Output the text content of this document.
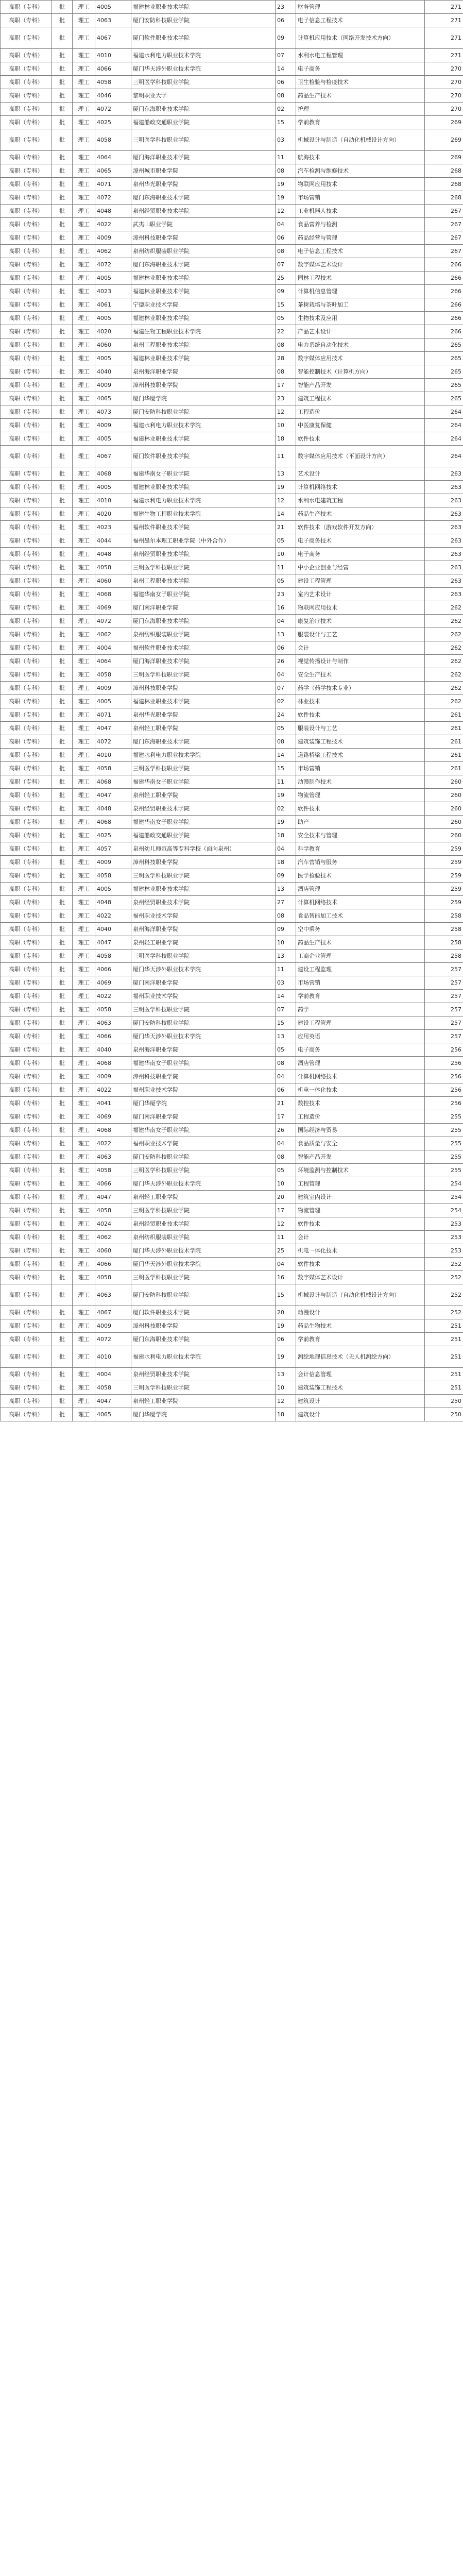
高职（专科）	批	理工	4005	福建林业职业技术学院	23	财务管理	271
高职（专科）	批	理工	4063	厦门安防科技职业学院	06	电子信息工程技术	271
高职（专科）	批	理工	4067	厦门软件职业技术学院	09	计算机应用技术（网络开发技术方向）	271
高职（专科）	批	理工	4010	福建水利电力职业技术学院	07	水利水电工程管理	271
高职（专科）	批	理工	4066	厦门华天涉外职业技术学院	14	电子商务	270
高职（专科）	批	理工	4058	三明医学科技职业学院	06	卫生检验与检疫技术	270
高职（专科）	批	理工	4046	黎明职业大学	08	药品生产技术	270
高职（专科）	批	理工	4072	厦门东海职业技术学院	02	护理	270
高职（专科）	批	理工	4025	福建船政交通职业学院	15	学前教育	269
高职（专科）	批	理工	4058	三明医学科技职业学院	03	机械设计与制造（自动化机械设计方向）	269
高职（专科）	批	理工	4064	厦门海洋职业技术学院	11	航海技术	269
高职（专科）	批	理工	4065	漳州城市职业学院	08	汽车检测与维修技术	268
高职（专科）	批	理工	4071	泉州华光职业学院	19	物联网应用技术	268
高职（专科）	批	理工	4072	厦门东海职业技术学院	19	市场营销	268
高职（专科）	批	理工	4048	泉州经贸职业技术学院	12	工业机器人技术	267
高职（专科）	批	理工	4022	武夷山职业学院	04	食品营养与检测	267
高职（专科）	批	理工	4009	漳州科技职业学院	06	药品经营与管理	267
高职（专科）	批	理工	4062	泉州纺织服装职业学院	08	电子信息工程技术	267
高职（专科）	批	理工	4072	厦门东海职业技术学院	07	数字媒体艺术设计	266
高职（专科）	批	理工	4005	福建林业职业技术学院	25	园林工程技术	266
高职（专科）	批	理工	4023	福建林业职业技术学院	09	计算机信息管理	266
高职（专科）	批	理工	4061	宁德职业技术学院	15	茶树栽培与茶叶加工	266
高职（专科）	批	理工	4005	福建林业职业技术学院	05	生物技术及应用	266
高职（专科）	批	理工	4020	福建生物工程职业技术学院	22	产品艺术设计	266
高职（专科）	批	理工	4060	泉州工程职业技术学院	08	电力系统自动化技术	265
高职（专科）	批	理工	4005	福建林业职业技术学院	28	数字媒体应用技术	265
高职（专科）	批	理工	4040	泉州海洋职业学院	08	智能控制技术（计算机方向）	265
高职（专科）	批	理工	4009	漳州科技职业学院	17	智能产品开发	265
高职（专科）	批	理工	4065	厦门华厦学院	23	建筑工程技术	265
高职（专科）	批	理工	4073	厦门安防科技职业学院	12	工程造价	264
高职（专科）	批	理工	4009	福建水利电力职业技术学院	10	中医康复保健	264
高职（专科）	批	理工	4005	福建林业职业技术学院	18	软件技术	264
高职（专科）	批	理工	4067	厦门软件职业技术学院	11	数字媒体应用技术（平面设计方向）	264
高职（专科）	批	理工	4068	福建华南女子职业学院	13	艺术设计	263
高职（专科）	批	理工	4005	福建林业职业技术学院	19	计算机网络技术	263
高职（专科）	批	理工	4010	福建水利电力职业技术学院	12	水利水电建筑工程	263
高职（专科）	批	理工	4020	福建生物工程职业技术学院	14	药品生产技术	263
高职（专科）	批	理工	4023	福州软件职业技术学院	21	软件技术（游戏软件开发方向）	263
高职（专科）	批	理工	4044	福州墨尔本理工职业学院（中外合作）	05	电子商务技术	263
高职（专科）	批	理工	4048	泉州经贸职业技术学院	10	电子商务	263
高职（专科）	批	理工	4058	三明医学科技职业学院	11	中小企业创业与经营	263
高职（专科）	批	理工	4060	泉州工程职业技术学院	05	建设工程管理	263
高职（专科）	批	理工	4068	福建华南女子职业学院	23	室内艺术设计	263
高职（专科）	批	理工	4069	厦门南洋职业学院	16	物联网应用技术	262
高职（专科）	批	理工	4072	厦门东海职业技术学院	04	康复治疗技术	262
高职（专科）	批	理工	4062	泉州纺织服装职业学院	13	服装设计与工艺	262
高职（专科）	批	理工	4004	福州软件职业技术学院	06	会计	262
高职（专科）	批	理工	4064	厦门海洋职业技术学院	26	视觉传播设计与制作	262
高职（专科）	批	理工	4058	三明医学科技职业学院	04	安全生产技术	262
高职（专科）	批	理工	4009	漳州科技职业学院	07	药学（药学技术专业）	262
高职（专科）	批	理工	4005	福建林业职业技术学院	02	林业技术	262
高职（专科）	批	理工	4071	泉州华光职业学院	24	软件技术	261
高职（专科）	批	理工	4047	泉州轻工职业学院	05	服装设计与工艺	261
高职（专科）	批	理工	4072	厦门东海职业技术学院	08	建筑装饰工程技术	261
高职（专科）	批	理工	4010	福建水利电力职业技术学院	14	道路桥梁工程技术	261
高职（专科）	批	理工	4058	三明医学科技职业学院	15	市场营销	261
高职（专科）	批	理工	4068	福建华南女子职业学院	11	动漫制作技术	260
高职（专科）	批	理工	4047	泉州轻工职业学院	19	物流管理	260
高职（专科）	批	理工	4048	泉州经贸职业技术学院	02	软件技术	260
高职（专科）	批	理工	4068	福建华南女子职业学院	19	助产	260
高职（专科）	批	理工	4025	福建船政交通职业学院	18	安全技术与管理	260
高职（专科）	批	理工	4057	泉州幼儿师范高等专科学校（面向泉州）	04	科学教育	259
高职（专科）	批	理工	4009	漳州科技职业学院	18	汽车营销与服务	259
高职（专科）	批	理工	4058	三明医学科技职业学院	09	医学检验技术	259
高职（专科）	批	理工	4005	福建林业职业技术学院	13	酒店管理	259
高职（专科）	批	理工	4048	泉州经贸职业技术学院	27	计算机网络技术	259
高职（专科）	批	理工	4022	福州职业技术学院	08	食品智能加工技术	258
高职（专科）	批	理工	4040	泉州海洋职业学院	09	空中乘务	258
高职（专科）	批	理工	4047	泉州轻工职业学院	10	药品生产技术	258
高职（专科）	批	理工	4058	三明医学科技职业学院	13	工商企业管理	258
高职（专科）	批	理工	4066	厦门华天涉外职业技术学院	11	建设工程监理	257
高职（专科）	批	理工	4069	厦门南洋职业学院	03	市场营销	257
高职（专科）	批	理工	4022	福州职业技术学院	14	学前教育	257
高职（专科）	批	理工	4058	三明医学科技职业学院	07	药学	257
高职（专科）	批	理工	4063	厦门安防科技职业学院	15	建设工程管理	257
高职（专科）	批	理工	4066	厦门华天涉外职业技术学院	13	应用英语	257
高职（专科）	批	理工	4040	泉州海洋职业学院	05	电子商务	256
高职（专科）	批	理工	4068	福建华南女子职业学院	08	酒店管理	256
高职（专科）	批	理工	4009	漳州科技职业学院	04	计算机网络技术	256
高职（专科）	批	理工	4022	福州职业技术学院	06	机电一体化技术	256
高职（专科）	批	理工	4041	厦门华厦学院	21	数控技术	256
高职（专科）	批	理工	4069	厦门南洋职业学院	17	工程造价	255
高职（专科）	批	理工	4068	福建华南女子职业学院	26	国际经济与贸易	255
高职（专科）	批	理工	4022	福州职业技术学院	04	食品质量与安全	255
高职（专科）	批	理工	4063	厦门安防科技职业学院	08	智能产品开发	255
高职（专科）	批	理工	4058	三明医学科技职业学院	05	环境监测与控制技术	255
高职（专科）	批	理工	4066	厦门华天涉外职业技术学院	10	工程管理	254
高职（专科）	批	理工	4047	泉州轻工职业学院	20	建筑室内设计	254
高职（专科）	批	理工	4058	三明医学科技职业学院	17	物流管理	254
高职（专科）	批	理工	4024	泉州经贸职业技术学院	12	软件技术	253
高职（专科）	批	理工	4062	泉州纺织服装职业学院	11	会计	253
高职（专科）	批	理工	4060	厦门华天涉外职业技术学院	25	机电一体化技术	253
高职（专科）	批	理工	4066	厦门华天涉外职业技术学院	04	软件技术	252
高职（专科）	批	理工	4058	三明医学科技职业学院	16	数字媒体艺术设计	252
高职（专科）	批	理工	4063	厦门安防科技职业学院	15	机械设计与制造（自动化机械设计方向）	252
高职（专科）	批	理工	4067	厦门软件职业技术学院	20	动漫设计	252
高职（专科）	批	理工	4009	漳州科技职业学院	19	药品生物技术	251
高职（专科）	批	理工	4072	厦门东海职业技术学院	06	学前教育	251
高职（专科）	批	理工	4010	福建水利电力职业技术学院	19	测绘地理信息技术（无人机测绘方向）	251
高职（专科）	批	理工	4004	泉州经贸职业技术学院	13	会计信息管理	251
高职（专科）	批	理工	4058	三明医学科技职业学院	10	建筑装饰工程技术	251
高职（专科）	批	理工	4047	泉州轻工职业学院	12	建筑设计	250
高职（专科）	批	理工	4065	厦门华厦学院	18	建筑设计	250
